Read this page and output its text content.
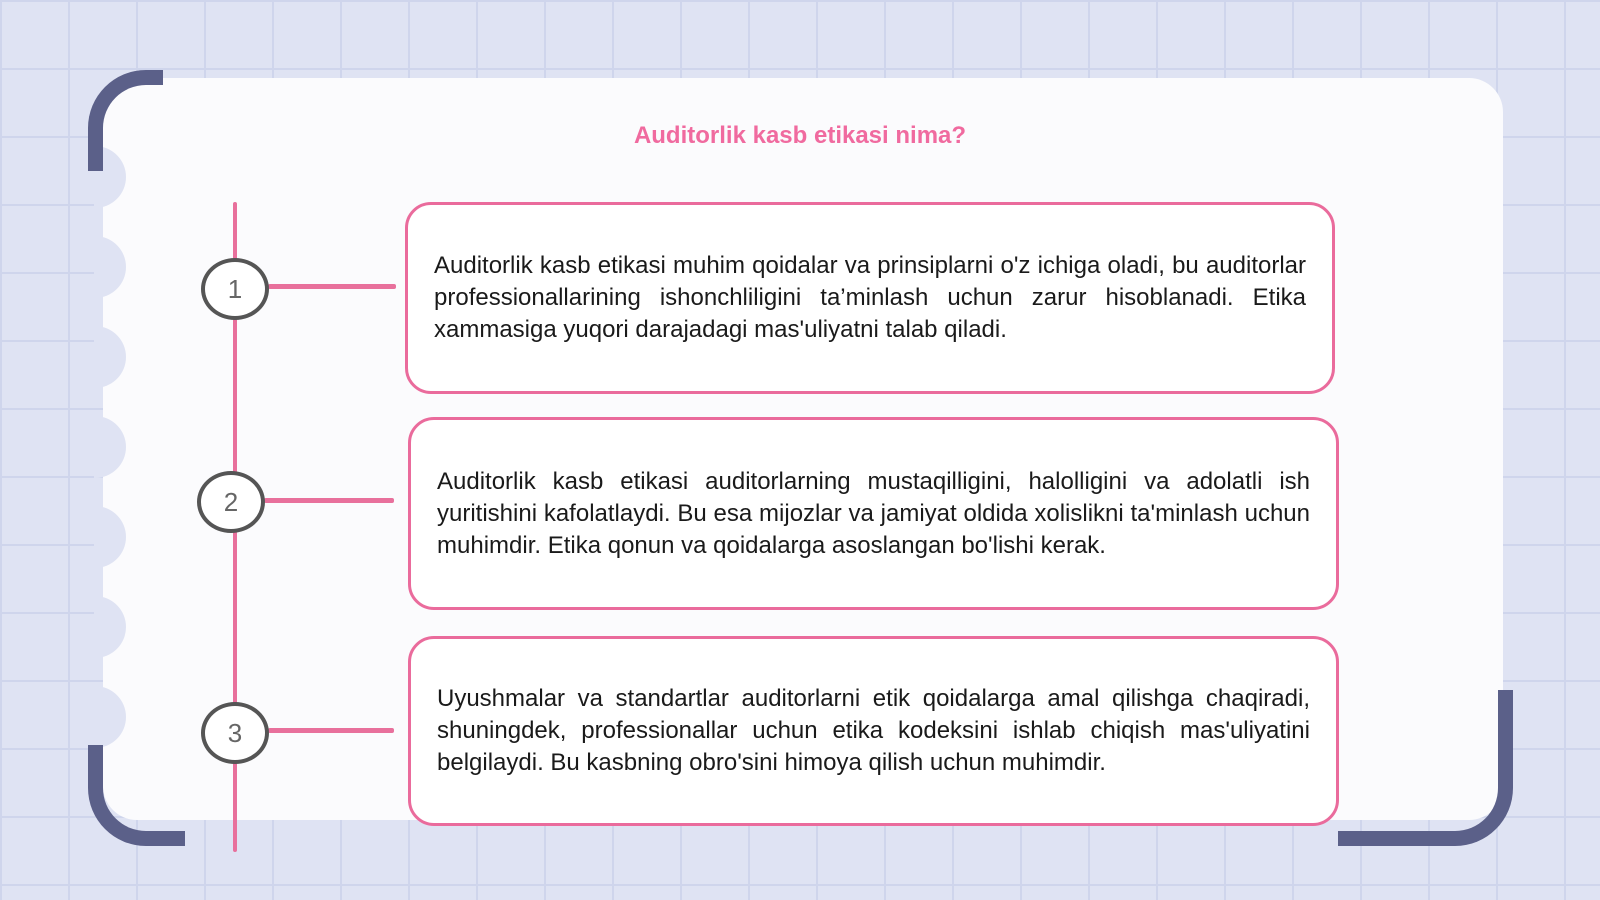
Auditorlik kasb etikasi nima?
1

Auditorlik kasb etikasi muhim qoidalar va prinsiplarni o'z ichiga oladi, bu auditorlar professionallarining ishonchliligini ta’minlash uchun zarur hisoblanadi. Etika xammasiga yuqori darajadagi mas'uliyatni talab qiladi.

2

Auditorlik kasb etikasi auditorlarning mustaqilligini, halolligini va adolatli ish yuritishini kafolatlaydi. Bu esa mijozlar va jamiyat oldida xolislikni ta'minlash uchun muhimdir. Etika qonun va qoidalarga asoslangan bo'lishi kerak.

3

Uyushmalar va standartlar auditorlarni etik qoidalarga amal qilishga chaqiradi, shuningdek, professionallar uchun etika kodeksini ishlab chiqish mas'uliyatini belgilaydi. Bu kasbning obro'sini himoya qilish uchun muhimdir.
